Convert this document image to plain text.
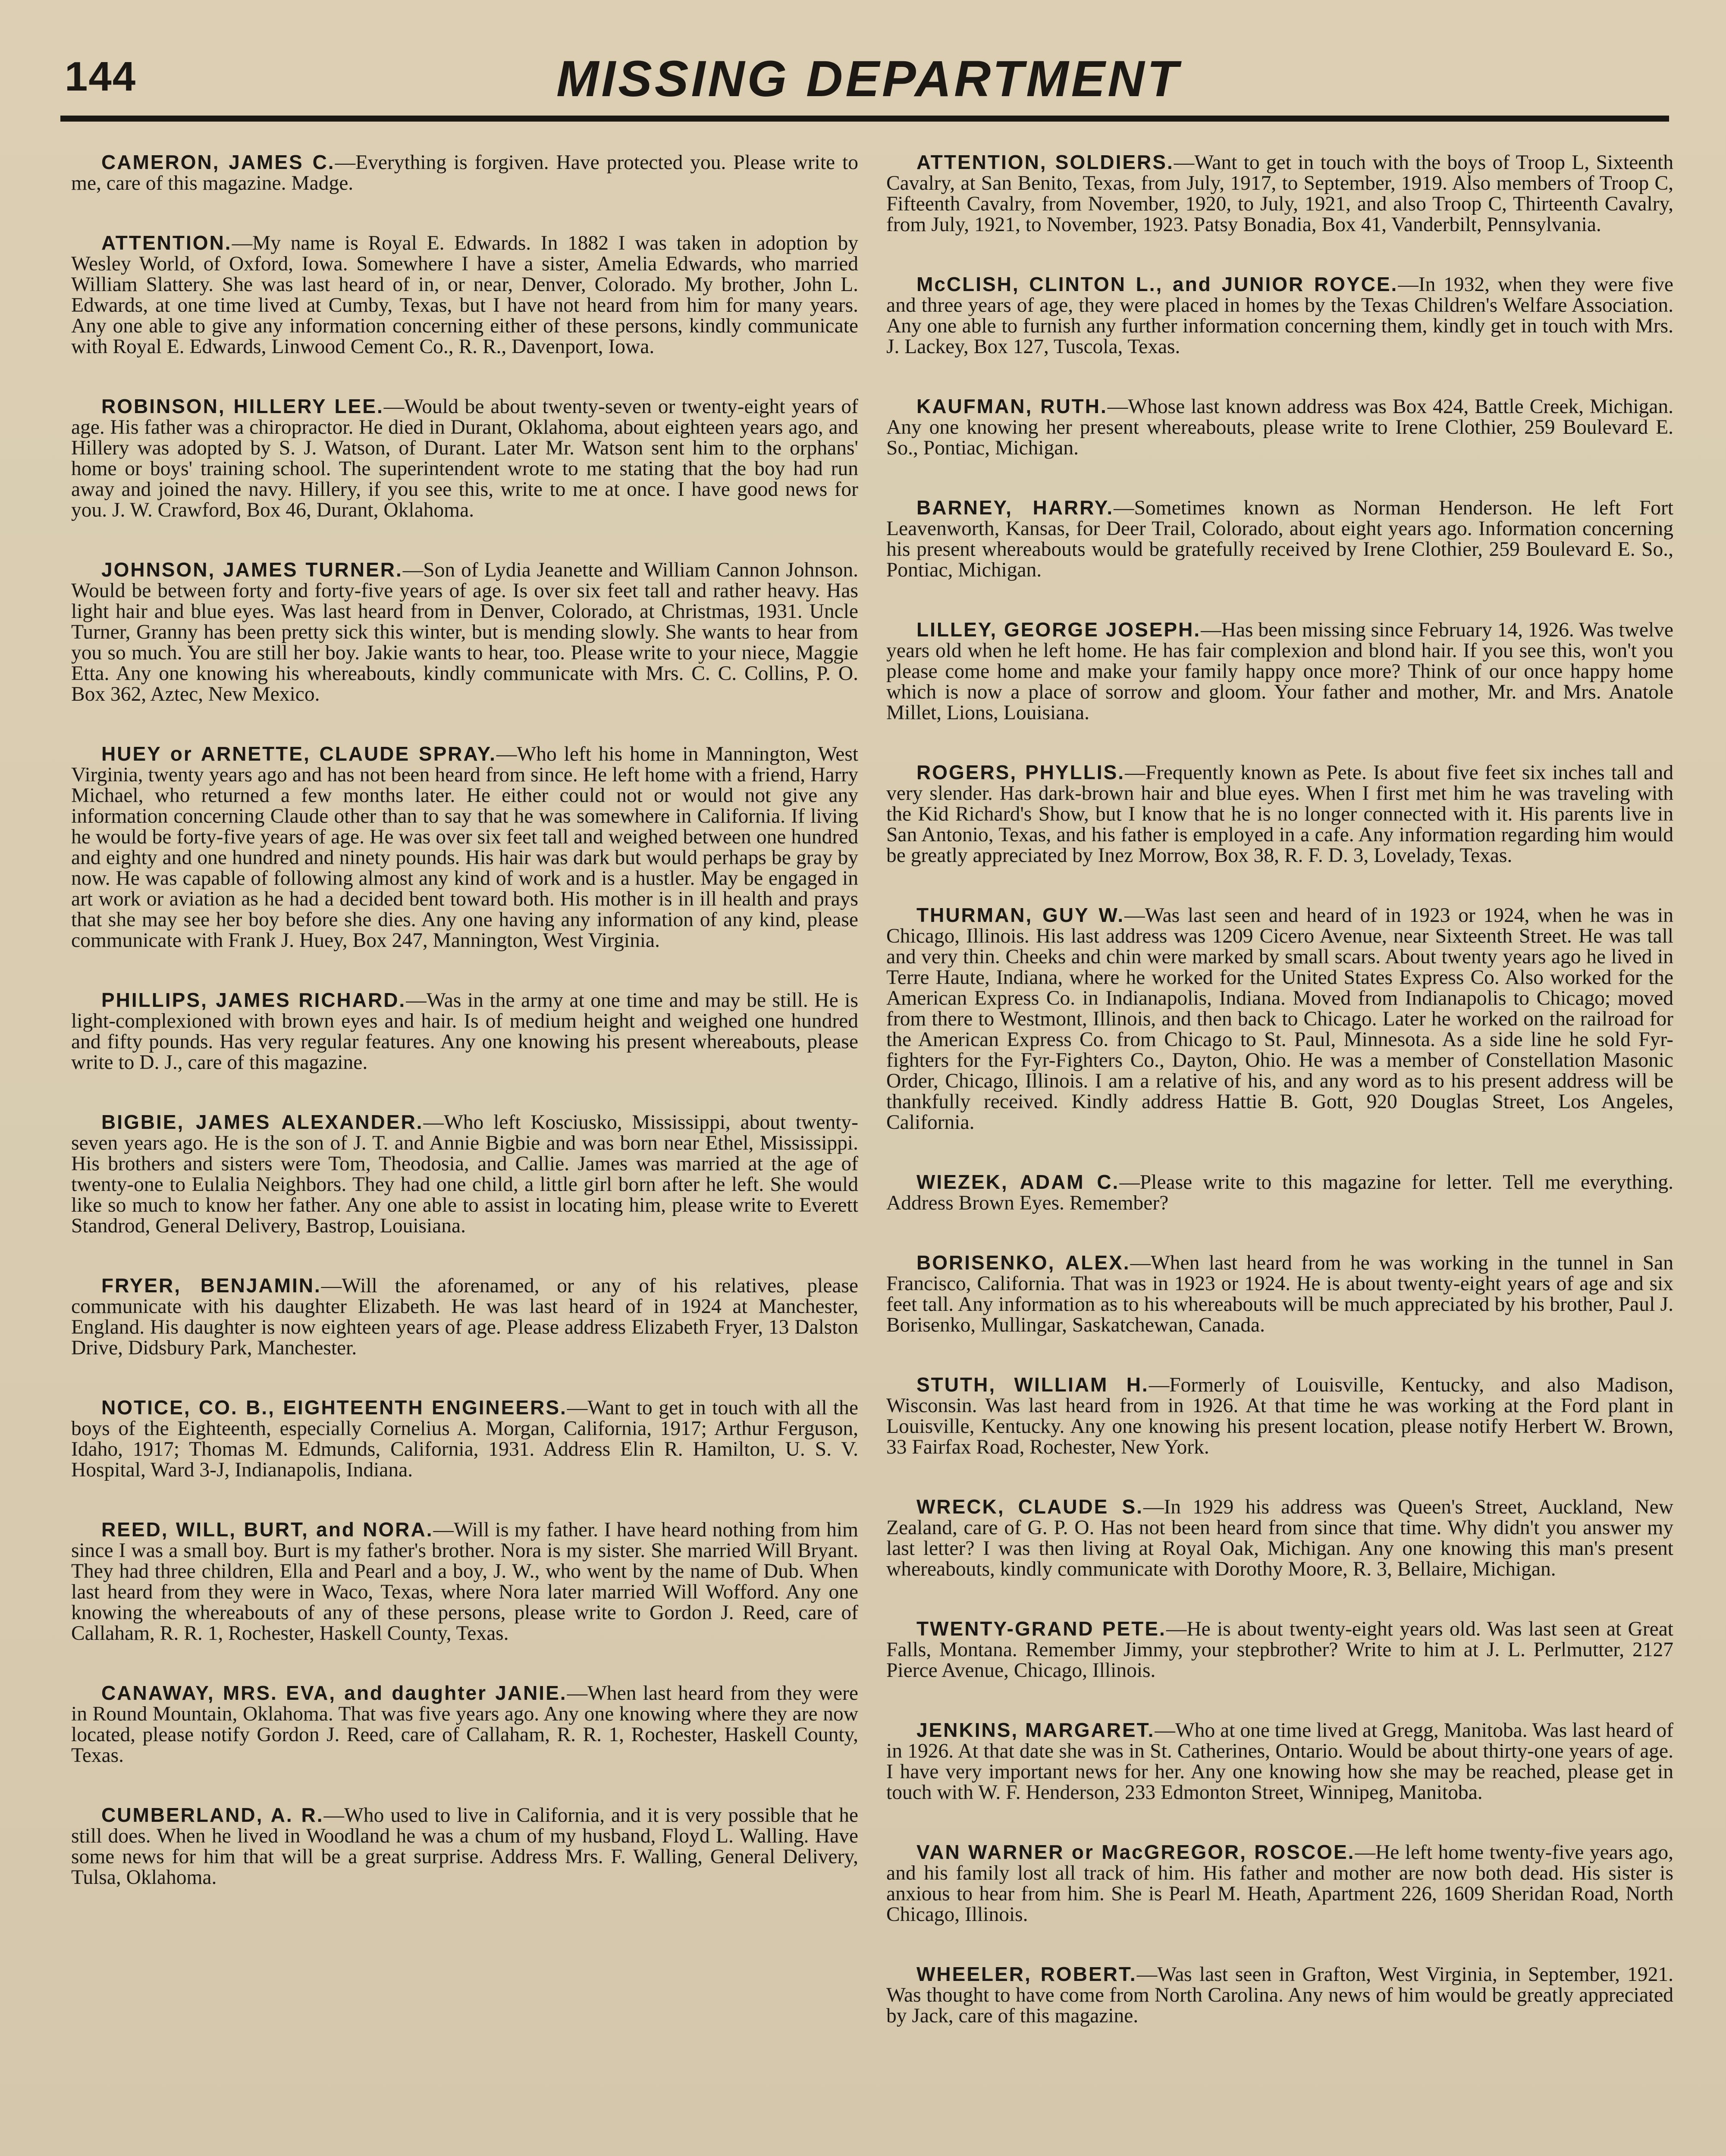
144	MISSING DEPARTMENT

CAMERON, JAMES C.—Everything is forgiven. Have protected you. Please write to me, care of this magazine. Madge.

ATTENTION.—My name is Royal E. Edwards. In 1882 I was taken in adoption by Wesley World, of Oxford, Iowa. Somewhere I have a sister, Amelia Edwards, who married William Slattery. She was last heard of in, or near, Denver, Colorado. My brother, John L. Edwards, at one time lived at Cumby, Texas, but I have not heard from him for many years. Any one able to give any information concerning either of these persons, kindly communicate with Royal E. Edwards, Linwood Cement Co., R. R., Davenport, Iowa.

ROBINSON, HILLERY LEE.—Would be about twenty-seven or twenty-eight years of age. His father was a chiropractor. He died in Durant, Oklahoma, about eighteen years ago, and Hillery was adopted by S. J. Watson, of Durant. Later Mr. Watson sent him to the orphans' home or boys' training school. The superintendent wrote to me stating that the boy had run away and joined the navy. Hillery, if you see this, write to me at once. I have good news for you. J. W. Crawford, Box 46, Durant, Oklahoma.

JOHNSON, JAMES TURNER.—Son of Lydia Jeanette and William Cannon Johnson. Would be between forty and forty-five years of age. Is over six feet tall and rather heavy. Has light hair and blue eyes. Was last heard from in Denver, Colorado, at Christmas, 1931. Uncle Turner, Granny has been pretty sick this winter, but is mending slowly. She wants to hear from you so much. You are still her boy. Jakie wants to hear, too. Please write to your niece, Maggie Etta. Any one knowing his whereabouts, kindly communicate with Mrs. C. C. Collins, P. O. Box 362, Aztec, New Mexico.

HUEY or ARNETTE, CLAUDE SPRAY.—Who left his home in Mannington, West Virginia, twenty years ago and has not been heard from since. He left home with a friend, Harry Michael, who returned a few months later. He either could not or would not give any information concerning Claude other than to say that he was somewhere in California. If living he would be forty-five years of age. He was over six feet tall and weighed between one hundred and eighty and one hundred and ninety pounds. His hair was dark but would perhaps be gray by now. He was capable of following almost any kind of work and is a hustler. May be engaged in art work or aviation as he had a decided bent toward both. His mother is in ill health and prays that she may see her boy before she dies. Any one having any information of any kind, please communicate with Frank J. Huey, Box 247, Mannington, West Virginia.

PHILLIPS, JAMES RICHARD.—Was in the army at one time and may be still. He is light-complexioned with brown eyes and hair. Is of medium height and weighed one hundred and fifty pounds. Has very regular features. Any one knowing his present whereabouts, please write to D. J., care of this magazine.

BIGBIE, JAMES ALEXANDER.—Who left Kosciusko, Mississippi, about twenty-seven years ago. He is the son of J. T. and Annie Bigbie and was born near Ethel, Mississippi. His brothers and sisters were Tom, Theodosia, and Callie. James was married at the age of twenty-one to Eulalia Neighbors. They had one child, a little girl born after he left. She would like so much to know her father. Any one able to assist in locating him, please write to Everett Standrod, General Delivery, Bastrop, Louisiana.

FRYER, BENJAMIN.—Will the aforenamed, or any of his relatives, please communicate with his daughter Elizabeth. He was last heard of in 1924 at Manchester, England. His daughter is now eighteen years of age. Please address Elizabeth Fryer, 13 Dalston Drive, Didsbury Park, Manchester.

NOTICE, CO. B., EIGHTEENTH ENGINEERS.—Want to get in touch with all the boys of the Eighteenth, especially Cornelius A. Morgan, California, 1917; Arthur Ferguson, Idaho, 1917; Thomas M. Edmunds, California, 1931. Address Elin R. Hamilton, U. S. V. Hospital, Ward 3-J, Indianapolis, Indiana.

REED, WILL, BURT, and NORA.—Will is my father. I have heard nothing from him since I was a small boy. Burt is my father's brother. Nora is my sister. She married Will Bryant. They had three children, Ella and Pearl and a boy, J. W., who went by the name of Dub. When last heard from they were in Waco, Texas, where Nora later married Will Wofford. Any one knowing the whereabouts of any of these persons, please write to Gordon J. Reed, care of Callaham, R. R. 1, Rochester, Haskell County, Texas.

CANAWAY, MRS. EVA, and daughter JANIE.—When last heard from they were in Round Mountain, Oklahoma. That was five years ago. Any one knowing where they are now located, please notify Gordon J. Reed, care of Callaham, R. R. 1, Rochester, Haskell County, Texas.

CUMBERLAND, A. R.—Who used to live in California, and it is very possible that he still does. When he lived in Woodland he was a chum of my husband, Floyd L. Walling. Have some news for him that will be a great surprise. Address Mrs. F. Walling, General Delivery, Tulsa, Oklahoma.

ATTENTION, SOLDIERS.—Want to get in touch with the boys of Troop L, Sixteenth Cavalry, at San Benito, Texas, from July, 1917, to September, 1919. Also members of Troop C, Fifteenth Cavalry, from November, 1920, to July, 1921, and also Troop C, Thirteenth Cavalry, from July, 1921, to November, 1923. Patsy Bonadia, Box 41, Vanderbilt, Pennsylvania.

McCLISH, CLINTON L., and JUNIOR ROYCE.—In 1932, when they were five and three years of age, they were placed in homes by the Texas Children's Welfare Association. Any one able to furnish any further information concerning them, kindly get in touch with Mrs. J. Lackey, Box 127, Tuscola, Texas.

KAUFMAN, RUTH.—Whose last known address was Box 424, Battle Creek, Michigan. Any one knowing her present whereabouts, please write to Irene Clothier, 259 Boulevard E. So., Pontiac, Michigan.

BARNEY, HARRY.—Sometimes known as Norman Henderson. He left Fort Leavenworth, Kansas, for Deer Trail, Colorado, about eight years ago. Information concerning his present whereabouts would be gratefully received by Irene Clothier, 259 Boulevard E. So., Pontiac, Michigan.

LILLEY, GEORGE JOSEPH.—Has been missing since February 14, 1926. Was twelve years old when he left home. He has fair complexion and blond hair. If you see this, won't you please come home and make your family happy once more? Think of our once happy home which is now a place of sorrow and gloom. Your father and mother, Mr. and Mrs. Anatole Millet, Lions, Louisiana.

ROGERS, PHYLLIS.—Frequently known as Pete. Is about five feet six inches tall and very slender. Has dark-brown hair and blue eyes. When I first met him he was traveling with the Kid Richard's Show, but I know that he is no longer connected with it. His parents live in San Antonio, Texas, and his father is employed in a cafe. Any information regarding him would be greatly appreciated by Inez Morrow, Box 38, R. F. D. 3, Lovelady, Texas.

THURMAN, GUY W.—Was last seen and heard of in 1923 or 1924, when he was in Chicago, Illinois. His last address was 1209 Cicero Avenue, near Sixteenth Street. He was tall and very thin. Cheeks and chin were marked by small scars. About twenty years ago he lived in Terre Haute, Indiana, where he worked for the United States Express Co. Also worked for the American Express Co. in Indianapolis, Indiana. Moved from Indianapolis to Chicago; moved from there to Westmont, Illinois, and then back to Chicago. Later he worked on the railroad for the American Express Co. from Chicago to St. Paul, Minnesota. As a side line he sold Fyr-fighters for the Fyr-Fighters Co., Dayton, Ohio. He was a member of Constellation Masonic Order, Chicago, Illinois. I am a relative of his, and any word as to his present address will be thankfully received. Kindly address Hattie B. Gott, 920 Douglas Street, Los Angeles, California.

WIEZEK, ADAM C.—Please write to this magazine for letter. Tell me everything. Address Brown Eyes. Remember?

BORISENKO, ALEX.—When last heard from he was working in the tunnel in San Francisco, California. That was in 1923 or 1924. He is about twenty-eight years of age and six feet tall. Any information as to his whereabouts will be much appreciated by his brother, Paul J. Borisenko, Mullingar, Saskatchewan, Canada.

STUTH, WILLIAM H.—Formerly of Louisville, Kentucky, and also Madison, Wisconsin. Was last heard from in 1926. At that time he was working at the Ford plant in Louisville, Kentucky. Any one knowing his present location, please notify Herbert W. Brown, 33 Fairfax Road, Rochester, New York.

WRECK, CLAUDE S.—In 1929 his address was Queen's Street, Auckland, New Zealand, care of G. P. O. Has not been heard from since that time. Why didn't you answer my last letter? I was then living at Royal Oak, Michigan. Any one knowing this man's present whereabouts, kindly communicate with Dorothy Moore, R. 3, Bellaire, Michigan.

TWENTY-GRAND PETE.—He is about twenty-eight years old. Was last seen at Great Falls, Montana. Remember Jimmy, your stepbrother? Write to him at J. L. Perlmutter, 2127 Pierce Avenue, Chicago, Illinois.

JENKINS, MARGARET.—Who at one time lived at Gregg, Manitoba. Was last heard of in 1926. At that date she was in St. Catherines, Ontario. Would be about thirty-one years of age. I have very important news for her. Any one knowing how she may be reached, please get in touch with W. F. Henderson, 233 Edmonton Street, Winnipeg, Manitoba.

VAN WARNER or MacGREGOR, ROSCOE.—He left home twenty-five years ago, and his family lost all track of him. His father and mother are now both dead. His sister is anxious to hear from him. She is Pearl M. Heath, Apartment 226, 1609 Sheridan Road, North Chicago, Illinois.

WHEELER, ROBERT.—Was last seen in Grafton, West Virginia, in September, 1921. Was thought to have come from North Carolina. Any news of him would be greatly appreciated by Jack, care of this magazine.
